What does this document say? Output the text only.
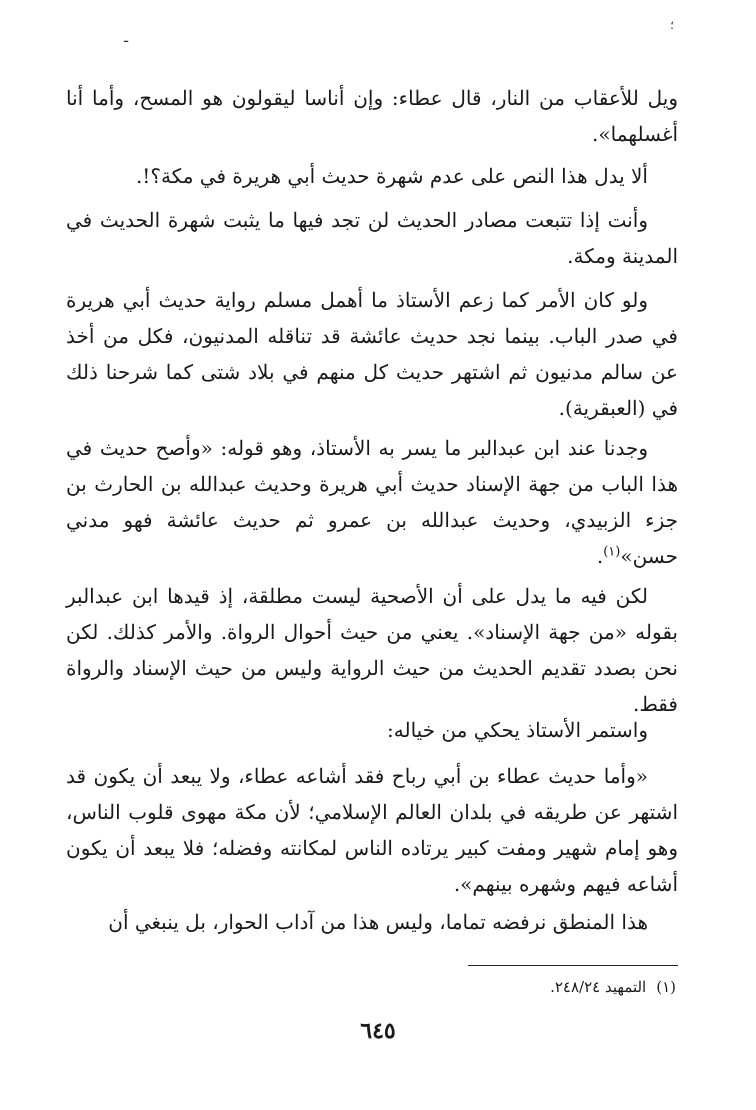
؛
ـ

ويل للأعقاب من النار، قال عطاء: وإن أناسا ليقولون هو المسح، وأما أنا أغسلهما».

ألا يدل هذا النص على عدم شهرة حديث أبي هريرة في مكة؟!.

وأنت إذا تتبعت مصادر الحديث لن تجد فيها ما يثبت شهرة الحديث في المدينة ومكة.

ولو كان الأمر كما زعم الأستاذ ما أهمل مسلم رواية حديث أبي هريرة في صدر الباب. بينما نجد حديث عائشة قد تناقله المدنيون، فكل من أخذ عن سالم مدنيون ثم اشتهر حديث كل منهم في بلاد شتى كما شرحنا ذلك في (العبقرية).

وجدنا عند ابن عبدالبر ما يسر به الأستاذ، وهو قوله: «وأصح حديث في هذا الباب من جهة الإسناد حديث أبي هريرة وحديث عبدالله بن الحارث بن جزء الزبيدي، وحديث عبدالله بن عمرو ثم حديث عائشة فهو مدني حسن»$^{(١)}$.

لكن فيه ما يدل على أن الأصحية ليست مطلقة، إذ قيدها ابن عبدالبر بقوله «من جهة الإسناد». يعني من حيث أحوال الرواة. والأمر كذلك. لكن نحن بصدد تقديم الحديث من حيث الرواية وليس من حيث الإسناد والرواة فقط.

واستمر الأستاذ يحكي من خياله:

«وأما حديث عطاء بن أبي رباح فقد أشاعه عطاء، ولا يبعد أن يكون قد اشتهر عن طريقه في بلدان العالم الإسلامي؛ لأن مكة مهوى قلوب الناس، وهو إمام شهير ومفت كبير يرتاده الناس لمكانته وفضله؛ فلا يبعد أن يكون أشاعه فيهم وشهره بينهم».

هذا المنطق نرفضه تماما، وليس هذا من آداب الحوار، بل ينبغي أن

(١)التمهيد ٢٤٨/٢٤.
٦٤٥
